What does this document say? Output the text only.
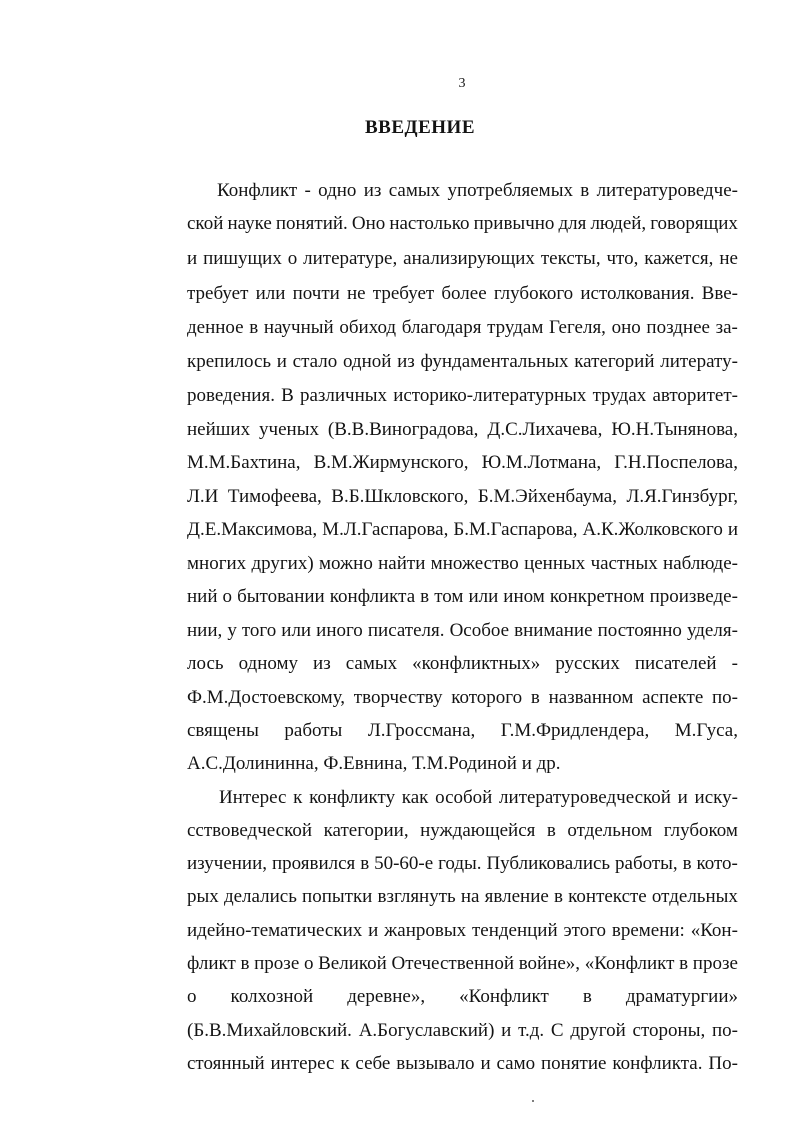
3
ВВЕДЕНИЕ
Конфликт - одно из самых употребляемых в литературоведче-
ской науке понятий. Оно настолько привычно для людей, говорящих
и пишущих о литературе, анализирующих тексты, что, кажется, не
требует или почти не требует более глубокого истолкования. Вве-
денное в научный обиход благодаря трудам Гегеля, оно позднее за-
крепилось и стало одной из фундаментальных категорий литерату-
роведения. В различных историко-литературных трудах авторитет-
нейших ученых (В.В.Виноградова, Д.С.Лихачева, Ю.Н.Тынянова,
М.М.Бахтина, В.М.Жирмунского, Ю.М.Лотмана, Г.Н.Поспелова,
Л.И Тимофеева, В.Б.Шкловского, Б.М.Эйхенбаума, Л.Я.Гинзбург,
Д.Е.Максимова, М.Л.Гаспарова, Б.М.Гаспарова, А.К.Жолковского и
многих других) можно найти множество ценных частных наблюде-
ний о бытовании конфликта в том или ином конкретном произведе-
нии, у того или иного писателя. Особое внимание постоянно уделя-
лось одному из самых «конфликтных» русских писателей -
Ф.М.Достоевскому, творчеству которого в названном аспекте по-
священы работы Л.Гроссмана, Г.М.Фридлендера, М.Гуса,
А.С.Долининна, Ф.Евнина, Т.М.Родиной и др.
Интерес к конфликту как особой литературоведческой и иску-
сствоведческой категории, нуждающейся в отдельном глубоком
изучении, проявился в 50-60-е годы. Публиковались работы, в кото-
рых делались попытки взглянуть на явление в контексте отдельных
идейно-тематических и жанровых тенденций этого времени: «Кон-
фликт в прозе о Великой Отечественной войне», «Конфликт в прозе
о колхозной деревне», «Конфликт в драматургии»
(Б.В.Михайловский. А.Богуславский) и т.д. С другой стороны, по-
стоянный интерес к себе вызывало и само понятие конфликта. По-
